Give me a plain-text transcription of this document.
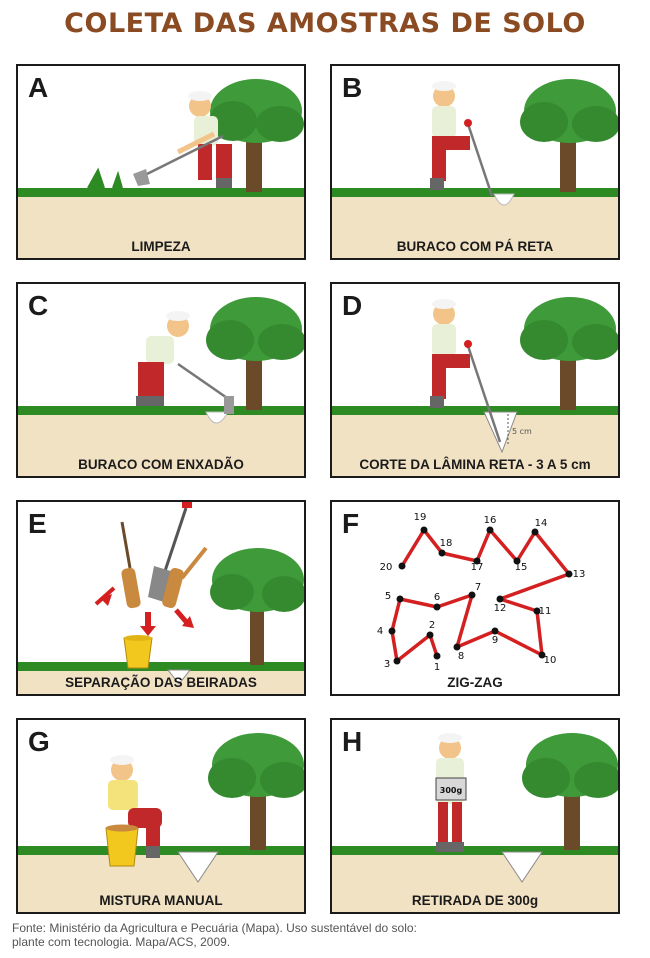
COLETA DAS AMOSTRAS DE SOLO
A
LIMPEZA
B
BURACO COM PÁ RETA
C
BURACO COM ENXADÃO
5 cm
D
CORTE DA LÂMINA RETA - 3 A 5 cm
E
SEPARAÇÃO DAS BEIRADAS
1
2
3
4
5	6
7
8
9
10
11
12
13
14
15
16
17
18
19
20
F
ZIG-ZAG
G
MISTURA MANUAL
300g
H
RETIRADA DE 300g
Fonte: Ministério da Agricultura e Pecuária (Mapa). Uso sustentável do solo: plante com tecnologia. Mapa/ACS, 2009.
